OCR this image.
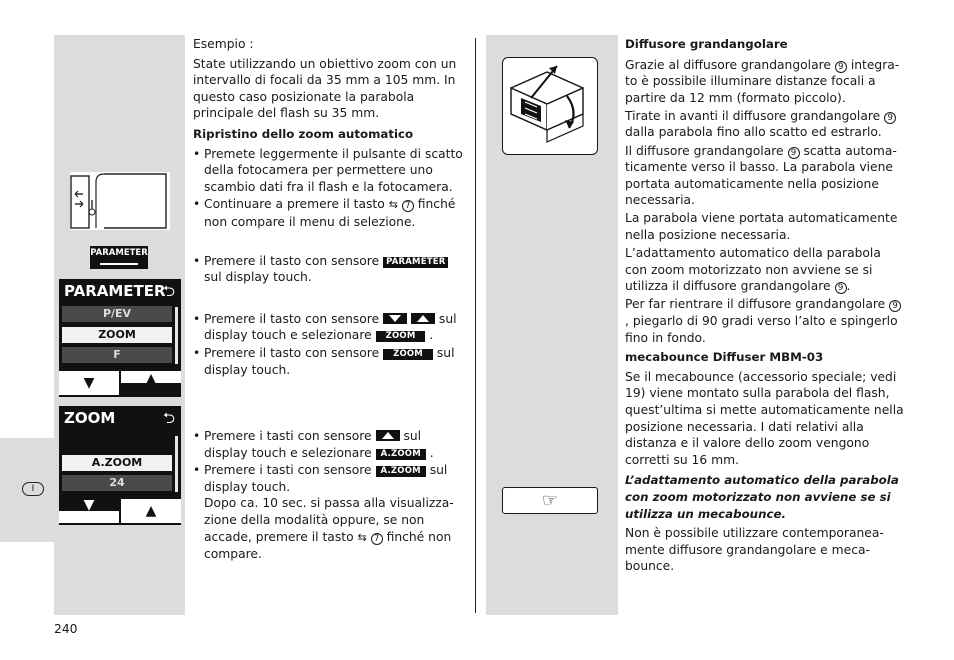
I
PARAMETER
PARAMETER
⮌
P/EV
ZOOM
F
▼	▲
ZOOM	⮌
A.ZOOM
24
▼	▲

Esempio :

State utilizzando un obiettivo zoom con un intervallo di focali da 35 mm a 105 mm. In questo caso posizionate la parabola principale del flash su 35 mm.

Ripristino dello zoom automatico

• Premete leggermente il pulsante di scatto della fotocamera per permettere uno scambio dati fra il flash e la fotocamera.
• Continuare a premere il tasto ⇆ 7 finché non compare il menu di selezione.
• Premere il tasto con sensore PARAMETER sul display touch.
• Premere il tasto con sensore	sul display touch e selezionare ZOOM .
• Premere il tasto con sensore ZOOM sul display touch.
• Premere i tasti con sensore	sul display touch e selezionare A.ZOOM .
• Premere i tasti con sensore A.ZOOM sul display touch.
Dopo ca. 10 sec. si passa alla visualizza-zione della modalità oppure, se non accade, premere il tasto ⇆ 7 finché non compare.
☞

Diffusore grandangolare

Grazie al diffusore grandangolare 9 integra-to è possibile illuminare distanze focali a partire da 12 mm (formato piccolo).

Tirate in avanti il diffusore grandangolare 9 dalla parabola fino allo scatto ed estrarlo.

Il diffusore grandangolare 9 scatta automa-ticamente verso il basso. La parabola viene portata automaticamente nella posizione necessaria.

La parabola viene portata automaticamente nella posizione necessaria.

L’adattamento automatico della parabola con zoom motorizzato non avviene se si utilizza il diffusore grandangolare 9 .

Per far rientrare il diffusore grandangolare 9, piegarlo di 90 gradi verso l’alto e spingerlo fino in fondo.

mecabounce Diffuser MBM-03

Se il mecabounce (accessorio speciale; vedi 19) viene montato sulla parabola del flash, quest’ultima si mette automaticamente nella posizione necessaria. I dati relativi alla distanza e il valore dello zoom vengono corretti su 16 mm.

L’adattamento automatico della parabola con zoom motorizzato non avviene se si utilizza un mecabounce.

Non è possibile utilizzare contemporanea-mente diffusore grandangolare e meca-bounce.

240
